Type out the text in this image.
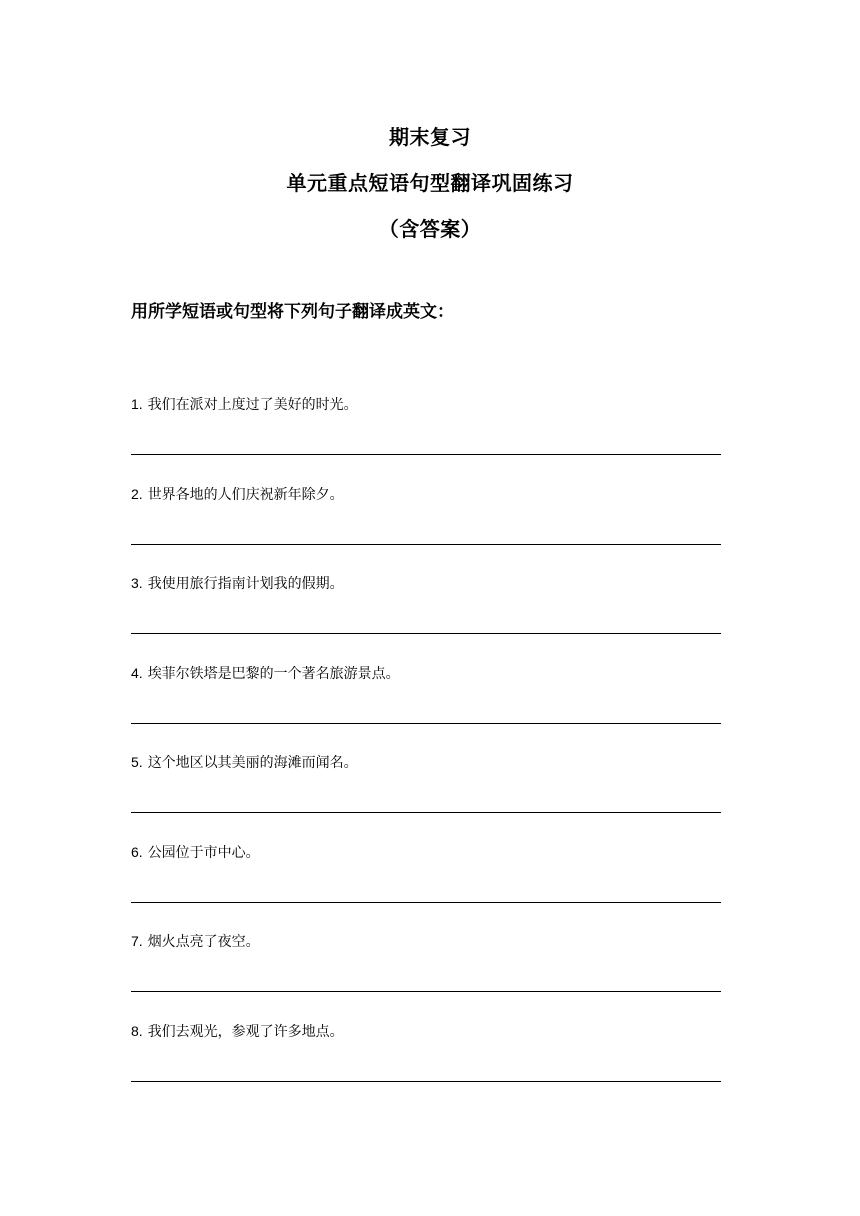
期末复习
单元重点短语句型翻译巩固练习
（含答案）
用所学短语或句型将下列句子翻译成英文：
1. 我们在派对上度过了美好的时光。
2. 世界各地的人们庆祝新年除夕。
3. 我使用旅行指南计划我的假期。
4. 埃菲尔铁塔是巴黎的一个著名旅游景点。
5. 这个地区以其美丽的海滩而闻名。
6. 公园位于市中心。
7. 烟火点亮了夜空。
8. 我们去观光，参观了许多地点。
